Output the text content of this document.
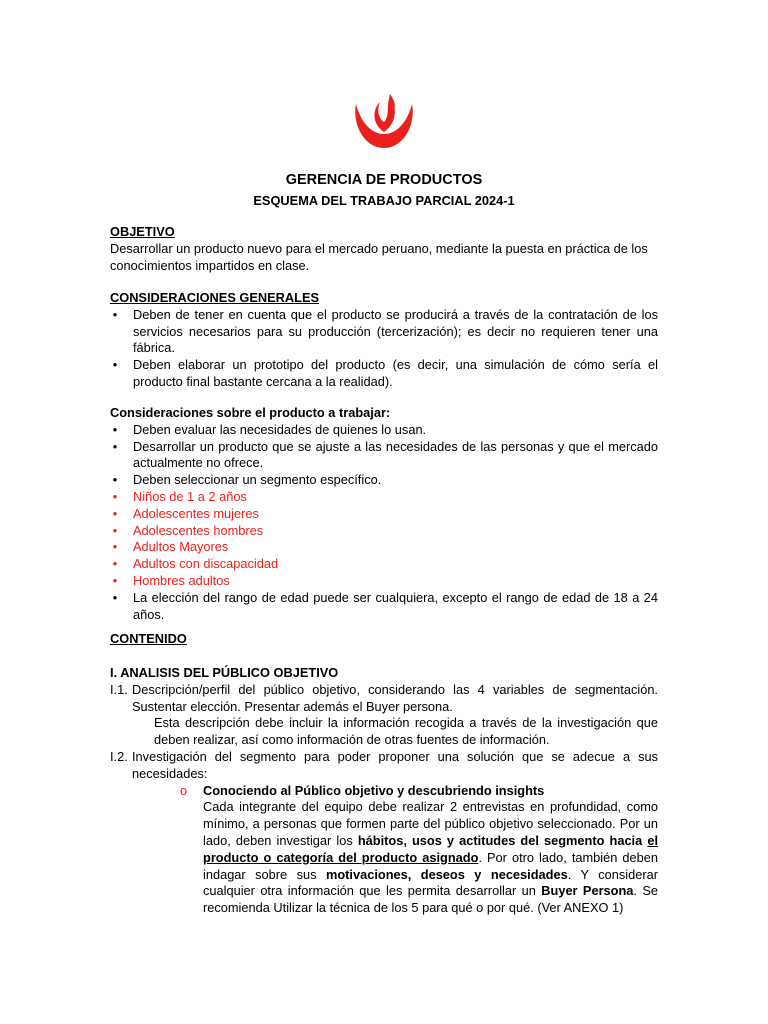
GERENCIA DE PRODUCTOS
ESQUEMA DEL TRABAJO PARCIAL 2024-1

OBJETIVO

Desarrollar un producto nuevo para el mercado peruano, mediante la puesta en práctica de los conocimientos impartidos en clase.

CONSIDERACIONES GENERALES

• Deben de tener en cuenta que el producto se producirá a través de la contratación de los servicios necesarios para su producción (tercerización); es decir no requieren tener una fábrica.
• Deben elaborar un prototipo del producto (es decir, una simulación de cómo sería el producto final bastante cercana a la realidad).

Consideraciones sobre el producto a trabajar:

• Deben evaluar las necesidades de quienes lo usan.
• Desarrollar un producto que se ajuste a las necesidades de las personas y que el mercado actualmente no ofrece.
• Deben seleccionar un segmento específico.
• Niños de 1 a 2 años
• Adolescentes mujeres
• Adolescentes hombres
• Adultos Mayores
• Adultos con discapacidad
• Hombres adultos
• La elección del rango de edad puede ser cualquiera, excepto el rango de edad de 18 a 24 años.

CONTENIDO

I. ANALISIS DEL PÚBLICO OBJETIVO

I.1. Descripción/perfil del público objetivo, considerando las 4 variables de segmentación. Sustentar elección. Presentar además el Buyer persona.

Esta descripción debe incluir la información recogida a través de la investigación que deben realizar, así como información de otras fuentes de información.

I.2. Investigación del segmento para poder proponer una solución que se adecue a sus necesidades:
o Conociendo al Público objetivo y descubriendo insights

Cada integrante del equipo debe realizar 2 entrevistas en profundidad, como mínimo, a personas que formen parte del público objetivo seleccionado. Por un lado, deben investigar los hábitos, usos y actitudes del segmento hacia el producto o categoría del producto asignado. Por otro lado, también deben indagar sobre sus motivaciones, deseos y necesidades. Y considerar cualquier otra información que les permita desarrollar un Buyer Persona. Se recomienda Utilizar la técnica de los 5 para qué o por qué. (Ver ANEXO 1)
